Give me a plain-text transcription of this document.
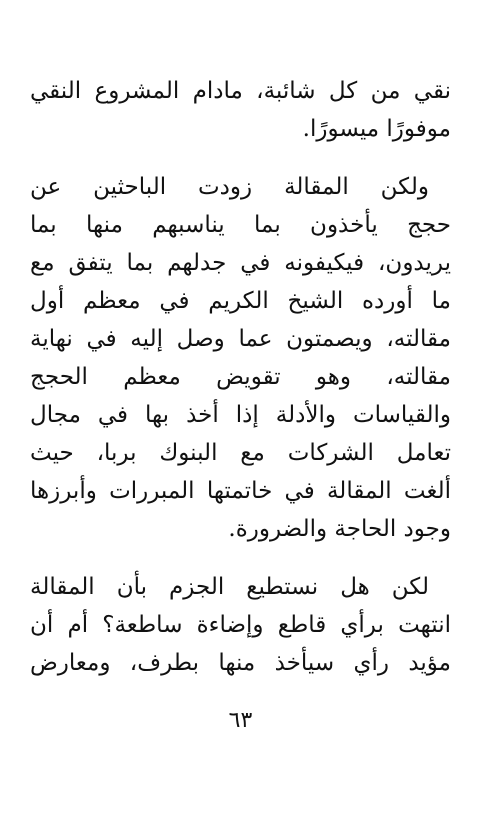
نقي من كل شائبة، مادام المشروع النقي
موفورًا ميسورًا.
ولكن المقالة زودت الباحثين عن
حجج يأخذون بما يناسبهم منها بما
يريدون، فيكيفونه في جدلهم بما يتفق مع
ما أورده الشيخ الكريم في معظم أول
مقالته، ويصمتون عما وصل إليه في نهاية
مقالته، وهو تقويض معظم الحجج
والقياسات والأدلة إذا أخذ بها في مجال
تعامل الشركات مع البنوك بربا، حيث
ألغت المقالة في خاتمتها المبررات وأبرزها
وجود الحاجة والضرورة.
لكن هل نستطيع الجزم بأن المقالة
انتهت برأي قاطع وإضاءة ساطعة؟ أم أن
مؤيد رأي سيأخذ منها بطرف، ومعارض
٦٣
